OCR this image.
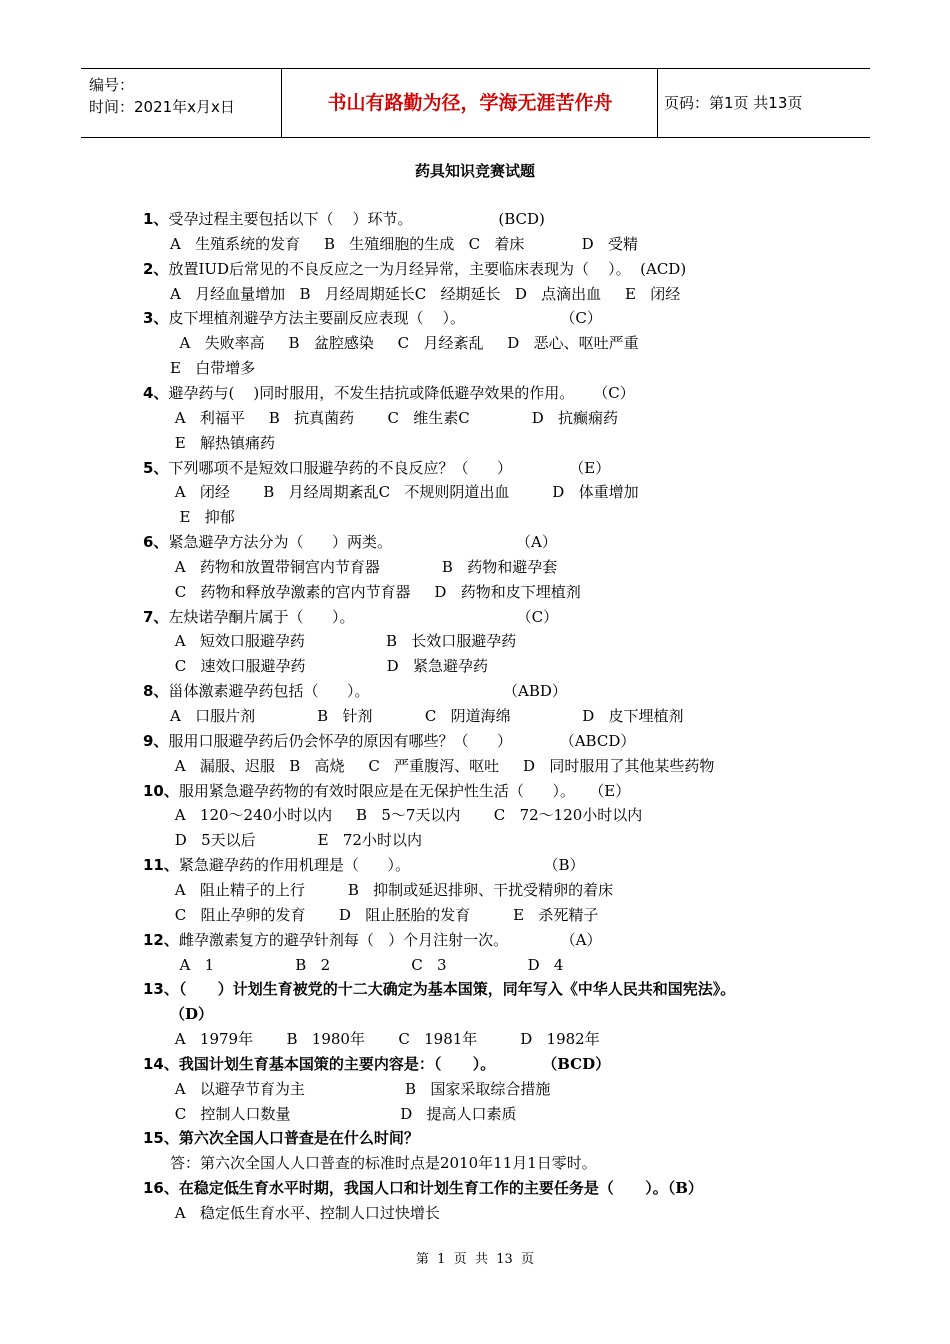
编号：
时间：2021年x月x日	书山有路勤为径，学海无涯苦作舟	页码：第1页 共13页
药具知识竞赛试题
1、受孕过程主要包括以下（    ）环节。                  (BCD)
A   生殖系统的发育     B   生殖细胞的生成   C   着床            D   受精
2、放置IUD后常见的不良反应之一为月经异常，主要临床表现为（    ）。  (ACD)
A   月经血量增加   B   月经周期延长C   经期延长   D   点滴出血     E   闭经
3、皮下埋植剂避孕方法主要副反应表现（    ）。                    （C）
A   失败率高     B   盆腔感染     C   月经紊乱     D   恶心、呕吐严重
E   白带增多
4、避孕药与(    )同时服用，不发生拮抗或降低避孕效果的作用。    （C）
A   利福平     B   抗真菌药       C   维生素C             D   抗癫痫药
E   解热镇痛药
5、下列哪项不是短效口服避孕药的不良反应？（      ）            （E）
A   闭经       B   月经周期紊乱C   不规则阴道出血         D   体重增加
E   抑郁
6、紧急避孕方法分为（      ）两类。                          （A）
A   药物和放置带铜宫内节育器             B   药物和避孕套
C   药物和释放孕激素的宫内节育器     D   药物和皮下埋植剂
7、左炔诺孕酮片属于（      ）。                                  （C）
A   短效口服避孕药                 B   长效口服避孕药
C   速效口服避孕药                 D   紧急避孕药
8、甾体激素避孕药包括（      ）。                            （ABD）
A   口服片剂             B   针剂           C   阴道海绵               D   皮下埋植剂
9、服用口服避孕药后仍会怀孕的原因有哪些？（      ）          （ABCD）
A   漏服、迟服   B   高烧     C   严重腹泻、呕吐     D   同时服用了其他某些药物
10、服用紧急避孕药物的有效时限应是在无保护性生活（      ）。   （E）
A   120～240小时以内     B   5～7天以内       C   72～120小时以内
D   5天以后             E   72小时以内
11、紧急避孕药的作用机理是（      ）。                            （B）
A   阻止精子的上行         B   抑制或延迟排卵、干扰受精卵的着床
C   阻止孕卵的发育       D   阻止胚胎的发育         E   杀死精子
12、雌孕激素复方的避孕针剂每（   ）个月注射一次。           （A）
A   1                 B   2                 C   3                 D   4
13、（      ）计划生育被党的十二大确定为基本国策，同年写入《中华人民共和国宪法》。
（D）
A   1979年       B   1980年       C   1981年         D   1982年
14、我国计划生育基本国策的主要内容是：（      ）。         （BCD）
A   以避孕节育为主                     B   国家采取综合措施
C   控制人口数量                       D   提高人口素质
15、第六次全国人口普查是在什么时间？
答：第六次全国人人口普查的标准时点是2010年11月1日零时。
16、在稳定低生育水平时期，我国人口和计划生育工作的主要任务是（      ）。（B）
A   稳定低生育水平、控制人口过快增长
第  1  页  共  13  页
